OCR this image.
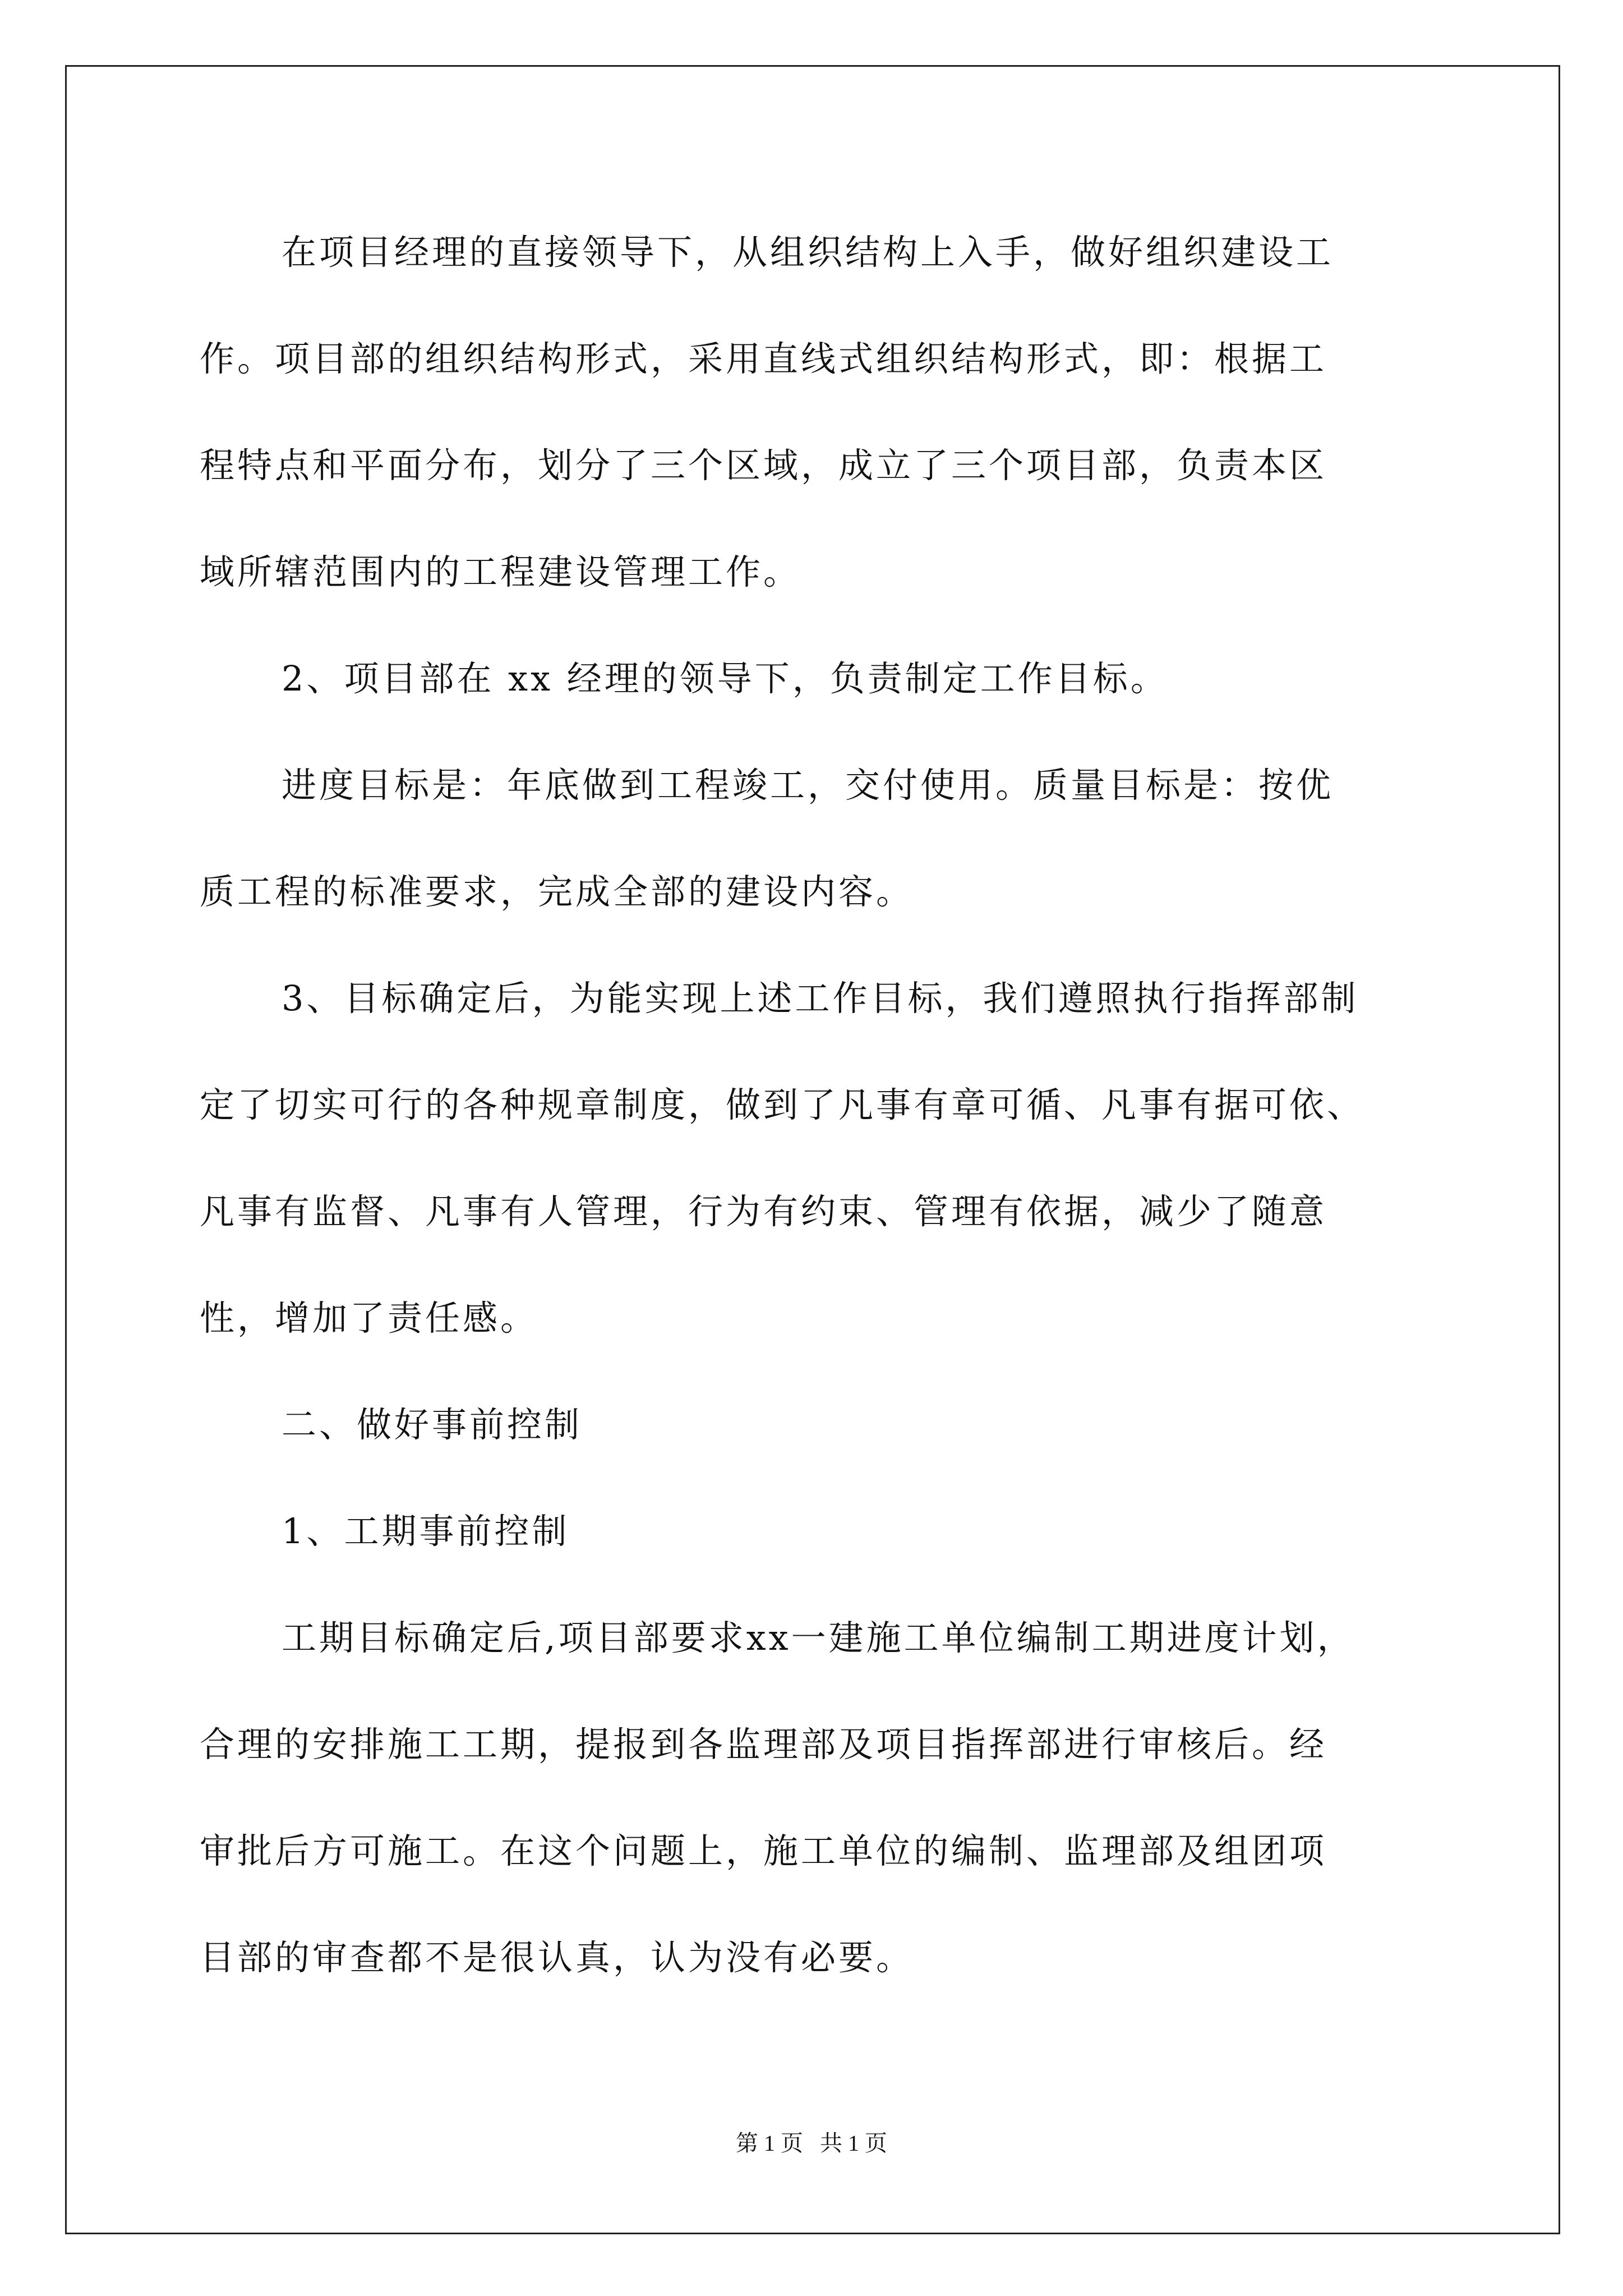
在项目经理的直接领导下，从组织结构上入手，做好组织建设工
作。项目部的组织结构形式，采用直线式组织结构形式，即：根据工
程特点和平面分布，划分了三个区域，成立了三个项目部，负责本区
域所辖范围内的工程建设管理工作。
2、项目部在 xx 经理的领导下，负责制定工作目标。
进度目标是：年底做到工程竣工，交付使用。质量目标是：按优
质工程的标准要求，完成全部的建设内容。
3、目标确定后，为能实现上述工作目标，我们遵照执行指挥部制
定了切实可行的各种规章制度，做到了凡事有章可循、凡事有据可依、
凡事有监督、凡事有人管理，行为有约束、管理有依据，减少了随意
性，增加了责任感。
二、做好事前控制
1、工期事前控制
工期目标确定后,项目部要求xx一建施工单位编制工期进度计划，
合理的安排施工工期，提报到各监理部及项目指挥部进行审核后。经
审批后方可施工。在这个问题上，施工单位的编制、监理部及组团项
目部的审查都不是很认真，认为没有必要。
第 1 页   共 1 页
